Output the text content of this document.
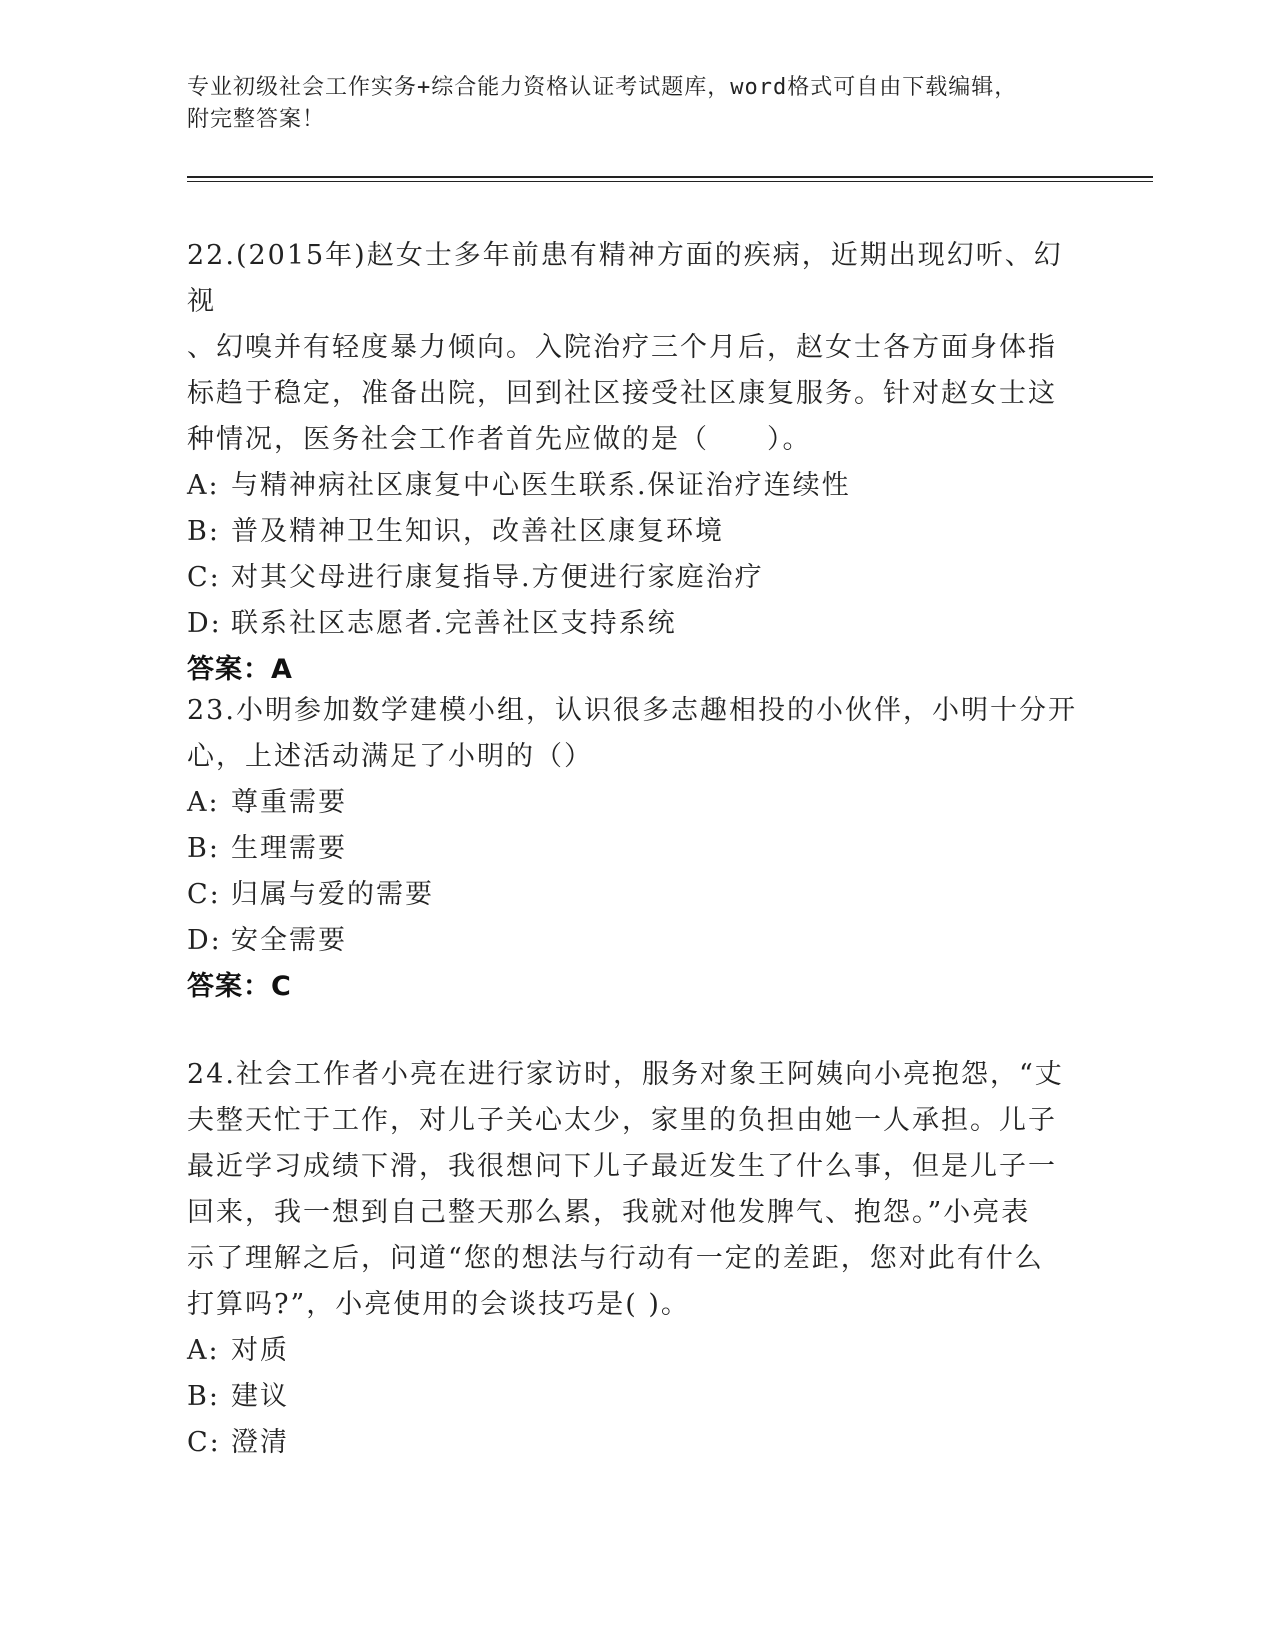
专业初级社会工作实务+综合能力资格认证考试题库，word格式可自由下载编辑，
附完整答案！
22.(2015年)赵女士多年前患有精神方面的疾病，近期出现幻听、幻视
、幻嗅并有轻度暴力倾向。入院治疗三个月后，赵女士各方面身体指
标趋于稳定，准备出院，回到社区接受社区康复服务。针对赵女士这
种情况，医务社会工作者首先应做的是（　　）。
A: 与精神病社区康复中心医生联系.保证治疗连续性
B: 普及精神卫生知识，改善社区康复环境
C: 对其父母进行康复指导.方便进行家庭治疗
D: 联系社区志愿者.完善社区支持系统
答案：A
23.小明参加数学建模小组，认识很多志趣相投的小伙伴，小明十分开
心，上述活动满足了小明的（）
A: 尊重需要
B: 生理需要
C: 归属与爱的需要
D: 安全需要
答案：C
24.社会工作者小亮在进行家访时，服务对象王阿姨向小亮抱怨，“丈
夫整天忙于工作，对儿子关心太少，家里的负担由她一人承担。儿子
最近学习成绩下滑，我很想问下儿子最近发生了什么事，但是儿子一
回来，我一想到自己整天那么累，我就对他发脾气、抱怨。”小亮表
示了理解之后，问道“您的想法与行动有一定的差距，您对此有什么
打算吗?”，小亮使用的会谈技巧是( )。
A: 对质
B: 建议
C: 澄清
